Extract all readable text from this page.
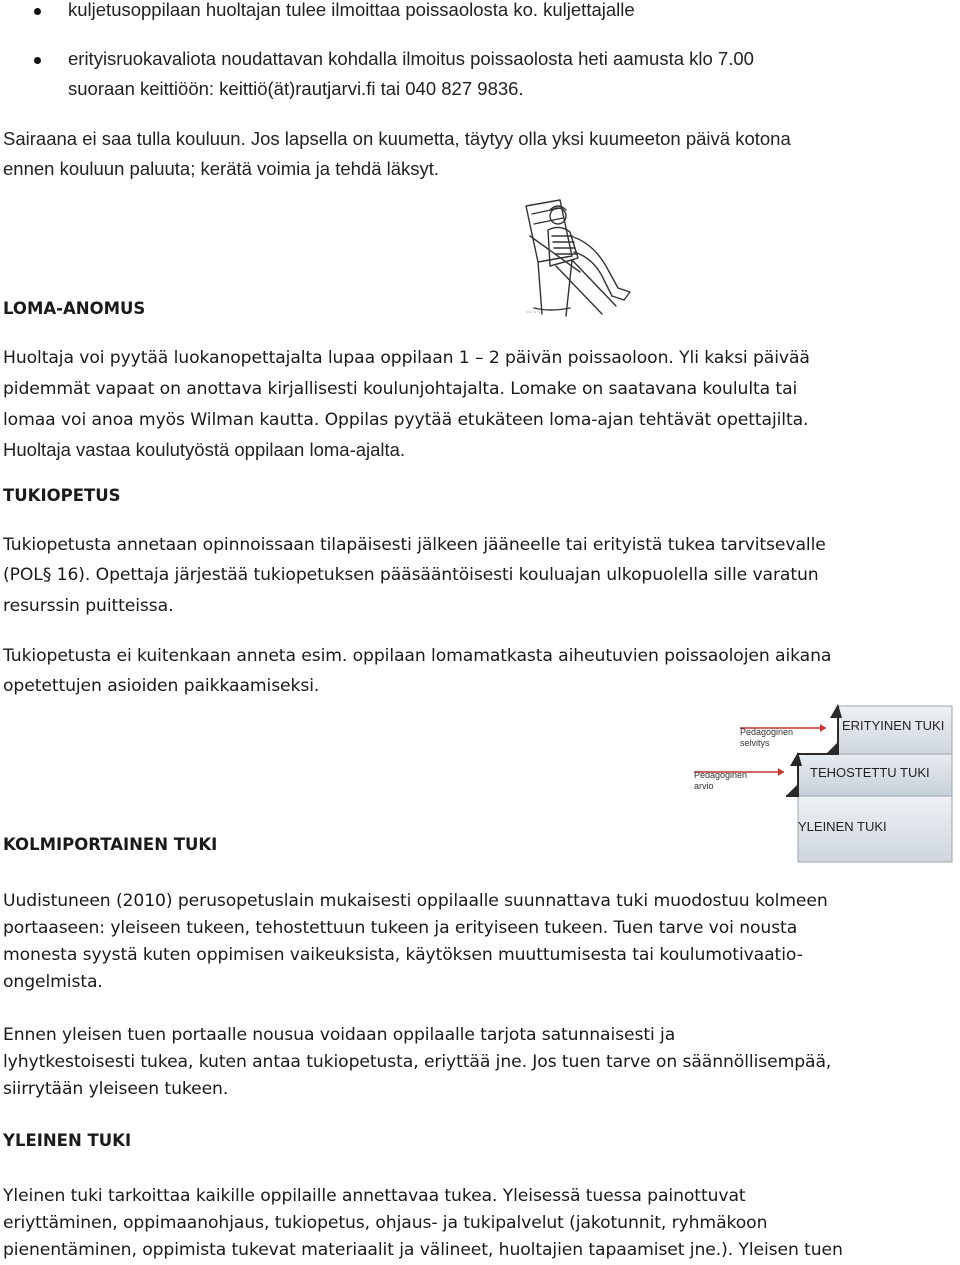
kuljetusoppilaan huoltajan tulee ilmoittaa poissaolosta ko. kuljettajalle
erityisruokavaliota noudattavan kohdalla ilmoitus poissaolosta heti aamusta klo 7.00
suoraan keittiöön: keittiö(ät)rautjarvi.fi tai 040 827 9836.
Sairaana ei saa tulla kouluun. Jos lapsella on kuumetta, täytyy olla yksi kuumeeton päivä kotona
ennen kouluun paluuta; kerätä voimia ja tehdä läksyt.
~~ ~ ~
LOMA-ANOMUS
Huoltaja voi pyytää luokanopettajalta lupaa oppilaan 1 – 2 päivän poissaoloon. Yli kaksi päivää
pidemmät vapaat on anottava kirjallisesti koulunjohtajalta. Lomake on saatavana koululta tai
lomaa voi anoa myös Wilman kautta. Oppilas pyytää etukäteen loma-ajan tehtävät opettajilta.
Huoltaja vastaa koulutyöstä oppilaan loma-ajalta.
TUKIOPETUS
Tukiopetusta annetaan opinnoissaan tilapäisesti jälkeen jääneelle tai erityistä tukea tarvitsevalle
(POL§ 16). Opettaja järjestää tukiopetuksen pääsääntöisesti kouluajan ulkopuolella sille varatun
resurssin puitteissa.
Tukiopetusta ei kuitenkaan anneta esim. oppilaan lomamatkasta aiheutuvien poissaolojen aikana
opetettujen asioiden paikkaamiseksi.
ERITYINEN TUKI
TEHOSTETTU TUKI
YLEINEN TUKI
Pedagoginen
selvitys
Pedagoginen
arvio
KOLMIPORTAINEN TUKI
Uudistuneen (2010) perusopetuslain mukaisesti oppilaalle suunnattava tuki muodostuu kolmeen
portaaseen: yleiseen tukeen, tehostettuun tukeen ja erityiseen tukeen. Tuen tarve voi nousta
monesta syystä kuten oppimisen vaikeuksista, käytöksen muuttumisesta tai koulumotivaatio-
ongelmista.
Ennen yleisen tuen portaalle nousua voidaan oppilaalle tarjota satunnaisesti ja
lyhytkestoisesti tukea, kuten antaa tukiopetusta, eriyttää jne. Jos tuen tarve on säännöllisempää,
siirrytään yleiseen tukeen.
YLEINEN TUKI
Yleinen tuki tarkoittaa kaikille oppilaille annettavaa tukea. Yleisessä tuessa painottuvat
eriyttäminen, oppimaanohjaus, tukiopetus, ohjaus- ja tukipalvelut (jakotunnit, ryhmäkoon
pienentäminen, oppimista tukevat materiaalit ja välineet, huoltajien tapaamiset jne.). Yleisen tuen
